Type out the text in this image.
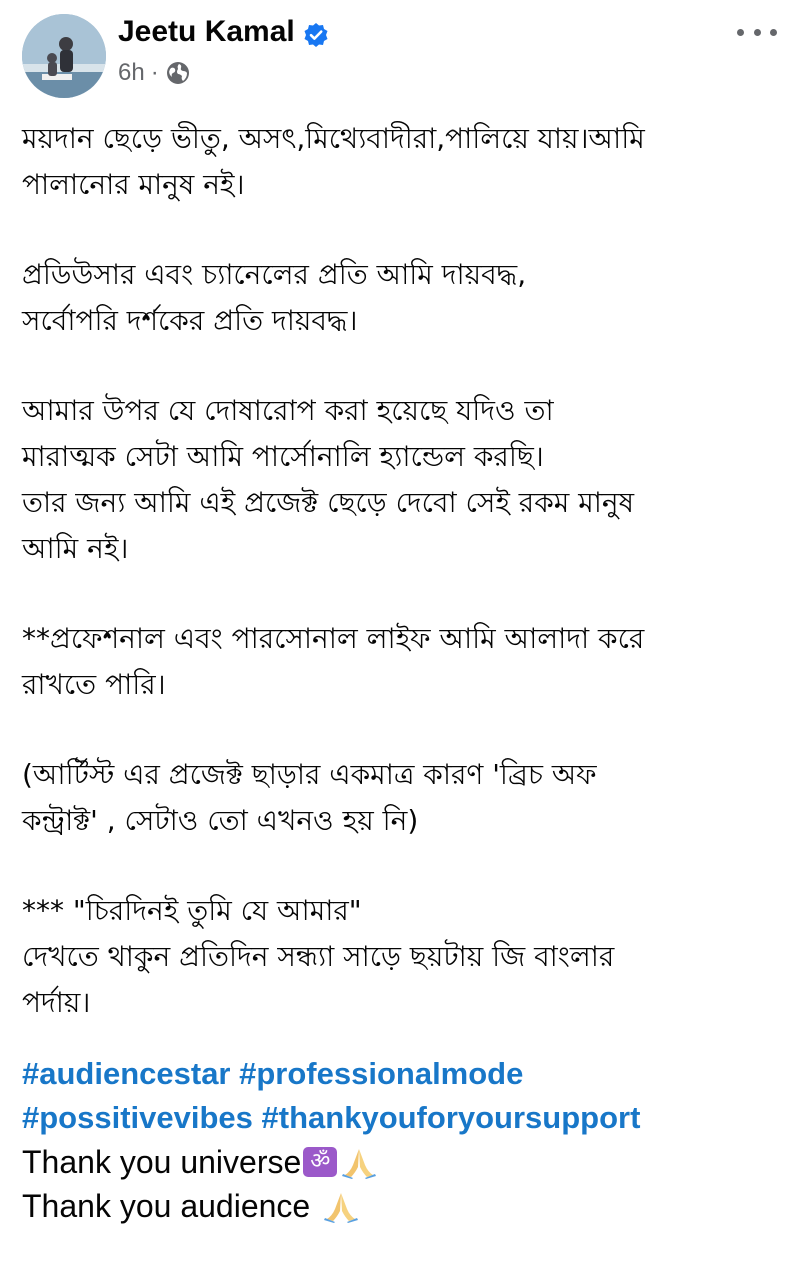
Jeetu Kamal
6h ·

ময়দান ছেড়ে ভীতু, অসৎ,মিথ্যেবাদীরা,পালিয়ে যায়।আমি
পালানোর মানুষ নই।

প্রডিউসার এবং চ্যানেলের প্রতি আমি দায়বদ্ধ,
সর্বোপরি দর্শকের প্রতি দায়বদ্ধ।

আমার উপর যে দোষারোপ করা হয়েছে যদিও তা
মারাত্মক সেটা আমি পার্সোনালি হ্যান্ডেল করছি।
তার জন্য আমি এই প্রজেক্ট ছেড়ে দেবো সেই রকম মানুষ
আমি নই।

**প্রফেশনাল এবং পারসোনাল লাইফ আমি আলাদা করে
রাখতে পারি।

(আর্টিস্ট এর প্রজেক্ট ছাড়ার একমাত্র কারণ 'ব্রিচ অফ
কন্ট্রাক্ট' , সেটাও তো এখনও হয় নি)

*** "চিরদিনই তুমি যে আমার"
দেখতে থাকুন প্রতিদিন সন্ধ্যা সাড়ে ছয়টায় জি বাংলার
পর্দায়।

#audiencestar #professionalmode
#possitivevibes #thankyouforyoursupport
Thank you universe ॐ
Thank you audience
